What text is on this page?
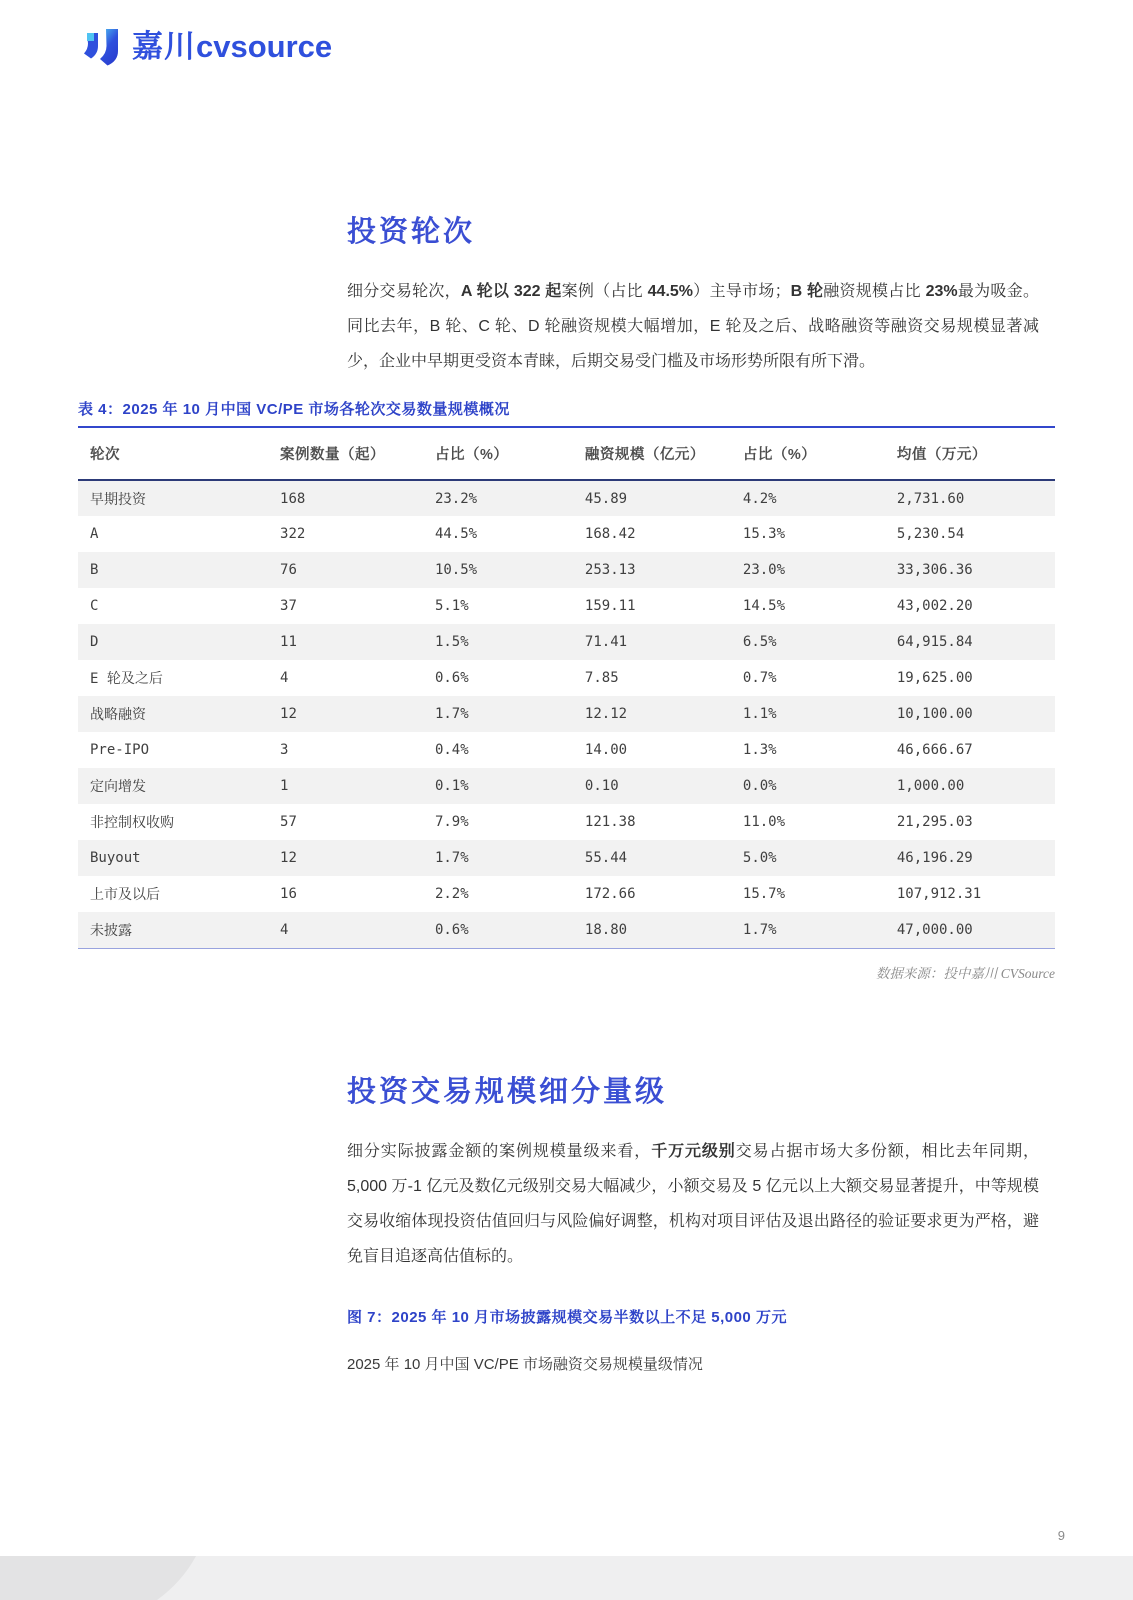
嘉川cvsource
投资轮次

细分交易轮次，A 轮以 322 起案例（占比 44.5%）主导市场；B 轮融资规模占比 23%最为吸金。同比去年，B 轮、C 轮、D 轮融资规模大幅增加，E 轮及之后、战略融资等融资交易规模显著减少，企业中早期更受资本青睐，后期交易受门槛及市场形势所限有所下滑。

表 4：2025 年 10 月中国 VC/PE 市场各轮次交易数量规模概况
轮次	案例数量（起）	占比（%）	融资规模（亿元）	占比（%）	均值（万元）
早期投资	168	23.2%	45.89	4.2%	2,731.60
A	322	44.5%	168.42	15.3%	5,230.54
B	76	10.5%	253.13	23.0%	33,306.36
C	37	5.1%	159.11	14.5%	43,002.20
D	11	1.5%	71.41	6.5%	64,915.84
E 轮及之后	4	0.6%	7.85	0.7%	19,625.00
战略融资	12	1.7%	12.12	1.1%	10,100.00
Pre-IPO	3	0.4%	14.00	1.3%	46,666.67
定向增发	1	0.1%	0.10	0.0%	1,000.00
非控制权收购	57	7.9%	121.38	11.0%	21,295.03
Buyout	12	1.7%	55.44	5.0%	46,196.29
上市及以后	16	2.2%	172.66	15.7%	107,912.31
未披露	4	0.6%	18.80	1.7%	47,000.00
数据来源：投中嘉川 CVSource
投资交易规模细分量级

细分实际披露金额的案例规模量级来看，千万元级别交易占据市场大多份额，相比去年同期，5,000 万-1 亿元及数亿元级别交易大幅减少，小额交易及 5 亿元以上大额交易显著提升，中等规模交易收缩体现投资估值回归与风险偏好调整，机构对项目评估及退出路径的验证要求更为严格，避免盲目追逐高估值标的。

图 7：2025 年 10 月市场披露规模交易半数以上不足 5,000 万元
2025 年 10 月中国 VC/PE 市场融资交易规模量级情况
9
